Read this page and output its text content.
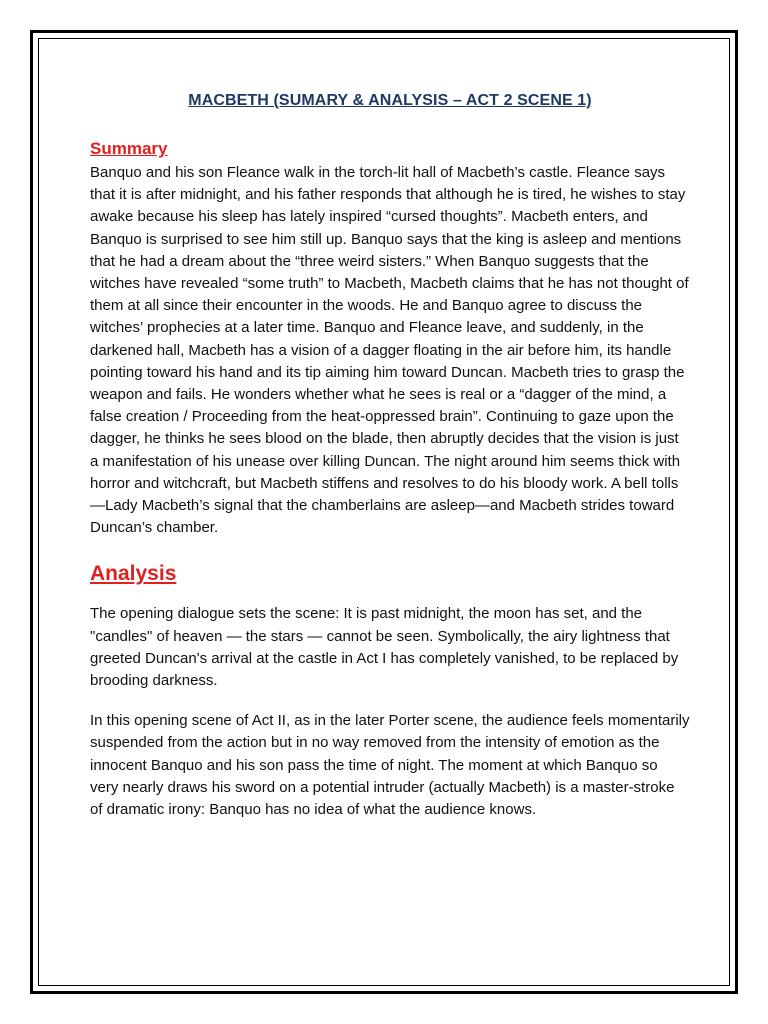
MACBETH (SUMARY & ANALYSIS – ACT 2 SCENE 1)
Summary

Banquo and his son Fleance walk in the torch-lit hall of Macbeth’s castle. Fleance says that it is after midnight, and his father responds that although he is tired, he wishes to stay awake because his sleep has lately inspired “cursed thoughts”. Macbeth enters, and Banquo is surprised to see him still up. Banquo says that the king is asleep and mentions that he had a dream about the “three weird sisters.” When Banquo suggests that the witches have revealed “some truth” to Macbeth, Macbeth claims that he has not thought of them at all since their encounter in the woods. He and Banquo agree to discuss the witches’ prophecies at a later time. Banquo and Fleance leave, and suddenly, in the darkened hall, Macbeth has a vision of a dagger floating in the air before him, its handle pointing toward his hand and its tip aiming him toward Duncan. Macbeth tries to grasp the weapon and fails. He wonders whether what he sees is real or a “dagger of the mind, a false creation / Proceeding from the heat-oppressed brain”. Continuing to gaze upon the dagger, he thinks he sees blood on the blade, then abruptly decides that the vision is just a manifestation of his unease over killing Duncan. The night around him seems thick with horror and witchcraft, but Macbeth stiffens and resolves to do his bloody work. A bell tolls—Lady Macbeth’s signal that the chamberlains are asleep—and Macbeth strides toward Duncan’s chamber.

Analysis

The opening dialogue sets the scene: It is past midnight, the moon has set, and the "candles" of heaven — the stars — cannot be seen. Symbolically, the airy lightness that greeted Duncan's arrival at the castle in Act I has completely vanished, to be replaced by brooding darkness.

In this opening scene of Act II, as in the later Porter scene, the audience feels momentarily suspended from the action but in no way removed from the intensity of emotion as the innocent Banquo and his son pass the time of night. The moment at which Banquo so very nearly draws his sword on a potential intruder (actually Macbeth) is a master-stroke of dramatic irony: Banquo has no idea of what the audience knows.
